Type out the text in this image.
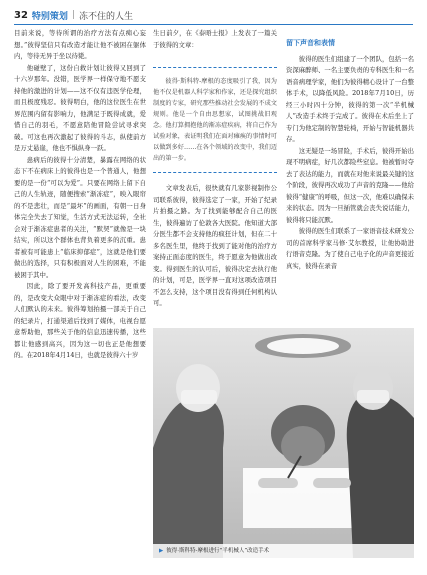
32 特别策划 | 冻不住的人生

目前来说，等待所谓的治疗方法有点痴心妄想。”彼得坚信只有改造才能让他不被困在躯体内，等待无异于坐以待毙。

他碰壁了，这份自救计划让彼得又回到了十六岁那年。没错，医学界一样保守地不愿支持他的激进的计划——这不仅有违医学伦理，而且极度残忍。彼得明白，他的这位医生在世界范围内留有影响力，他满足于既得成就，爱惜自己的羽毛，不愿意陪他冒险尝试寻求突破。可这也再次激起了彼得的斗志，纵使前方是万丈悬崖，他也不惧纵身一跃。

患病后的彼得十分清楚，暴露在网络的状态下不在病床上的彼得也是一个普通人，他想要的是一份“可以为爱”。只要在网络上留下自己的人生轨迹，随便搜索“渐冻症”，映入眼帘的不是悲壮，而是“最坏”的画面，有朝一日身体完全失去了知觉，生活方式无法运转，全社会对于渐冻症患者的关注，“默契”就像是一块结实，所以这个群体也背负着更多的沉重。患者被有可能患上“临床抑郁症”，这就是他们要做出的选择，只有积极面对人生的困难，不能被困于其中。

因此，除了要开发高科技产品，更重要的，是改变大众眼中对于渐冻症的看法，改变人们默认的未来。彼得筹划拍摄一部关于自己的纪录片，打通渠道后找到了媒体，电视台愿意帮助他，那些关于他的信息迅速传播，这些都让他感到高兴，因为这一切也正是他想要的。在2018年4月14日，也就是彼得六十岁

生日前夕，在《泰晤士报》上发表了一篇关于彼得的文章：

彼得·斯科特-摩根的态度吸引了我，因为他不仅是机器人科学家和作家，还是探究组织制度的专家，研究那些推动社会发展的不成文规则。他是一个自由思想家，试图挑战旧观念。他打算拥抱他的渐冻症疾病，将自己作为试验对象，表证明我们在面对瘫痪的事情时可以做到多好……在各个领域的改变中，我们迈出的第一步。

文章发表后，很快就有几家影视制作公司联系彼得，彼得选定了一家，开始了纪录片拍摄之路。为了找到能够配合自己的医生，彼得遍访了伦敦各大医院。他知道大部分医生都不会支持他的疯狂计划，但在二十多名医生里，他终于找到了能对他的治疗方案持正面态度的医生，终于愿意为他做出改变。得到医生的认可后，彼得决定去执行他的计划，可是，医学界一直对这项改造项目不怎么支持，这个项目没有得到任何机构认可。

留下声音和表情

彼得的医生们组建了一个团队，包括一名资深麻醉师、一名主要负责的专科医生和一名语音病理学家，他们为彼得精心设计了一台整体手术，以降低风险。2018年7月10日，历经三小时四十分钟，彼得的第一次“半机械人”改造手术终于完成了。彼得在术后坐上了专门为他定制的智慧轮椅，开始与智能机器共存。

这无疑是一场冒险，手术后，彼得开始出现不明病症，好几次都险些窒息。他被暂时夺去了表达的能力，而就在对他来说最关键的这个阶段，彼得再次成功了声音的克隆——他给彼得“健康”的呼吸，但这一次，他难以确保未来的状态。因为一旦插管就会丧失说话能力，彼得将只能沉默。

彼得的医生们联系了一家语音技术研发公司的首席科学家马修·艾尔教授，让他协助进行语音克隆。为了使自己电子化的声音更接近真实，彼得在录音

▶ 彼得·斯科特-摩根进行“半机械人”改造手术
